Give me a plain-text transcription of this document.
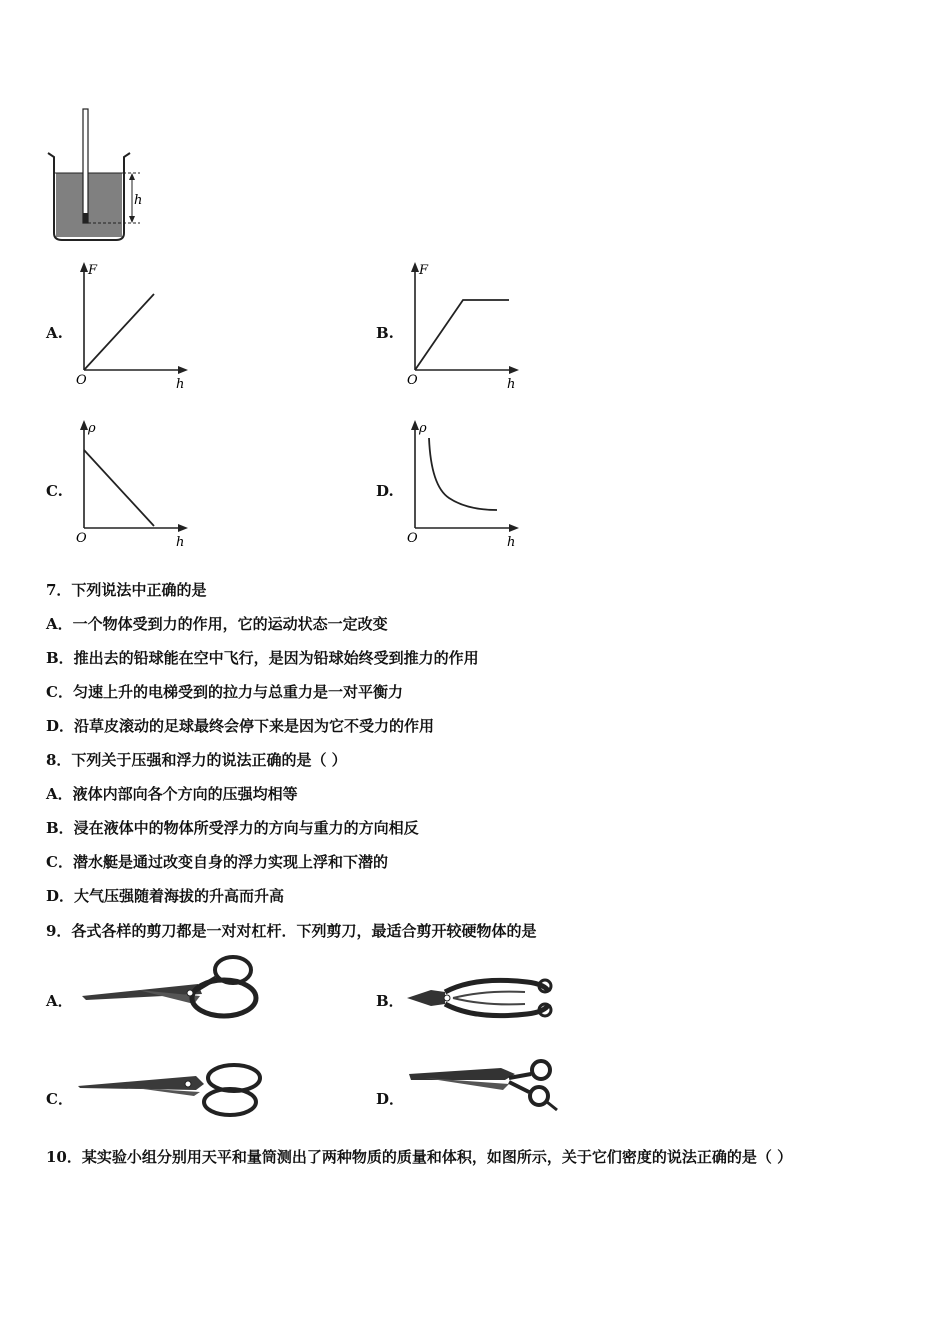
h
A.
F
h
O
B.
F
h
O
C.
ρ
h
O
D.
ρ
h
O
7．下列说法中正确的是
A．一个物体受到力的作用，它的运动状态一定改变
B．推出去的铅球能在空中飞行，是因为铅球始终受到推力的作用
C．匀速上升的电梯受到的拉力与总重力是一对平衡力
D．沿草皮滚动的足球最终会停下来是因为它不受力的作用
8．下列关于压强和浮力的说法正确的是（ ）
A．液体内部向各个方向的压强均相等
B．浸在液体中的物体所受浮力的方向与重力的方向相反
C．潜水艇是通过改变自身的浮力实现上浮和下潜的
D．大气压强随着海拔的升高而升高
9．各式各样的剪刀都是一对对杠杆．下列剪刀，最适合剪开较硬物体的是
A．	B．
C．	D．
10．某实验小组分别用天平和量筒测出了两种物质的质量和体积，如图所示，关于它们密度的说法正确的是（ ）
